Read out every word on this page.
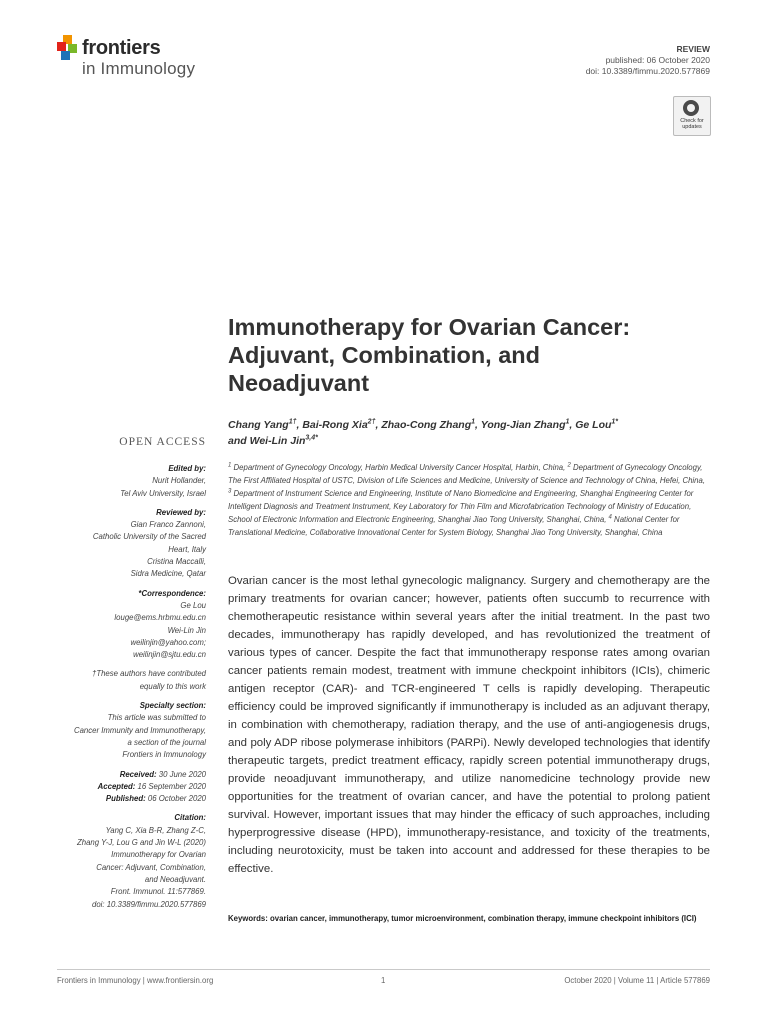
frontiers
in Immunology
REVIEW
published: 06 October 2020
doi: 10.3389/fimmu.2020.577869
Check for updates
Immunotherapy for Ovarian Cancer: Adjuvant, Combination, and Neoadjuvant
Chang Yang$^{1\dagger}$, Bai-Rong Xia$^{2\dagger}$, Zhao-Cong Zhang$^1$, Yong-Jian Zhang$^1$, Ge Lou$^{1*}$
and Wei-Lin Jin$^{3,4*}$
$^1$ Department of Gynecology Oncology, Harbin Medical University Cancer Hospital, Harbin, China, $^2$ Department of Gynecology Oncology, The First Affiliated Hospital of USTC, Division of Life Sciences and Medicine, University of Science and Technology of China, Hefei, China, $^3$ Department of Instrument Science and Engineering, Institute of Nano Biomedicine and Engineering, Shanghai Engineering Center for Intelligent Diagnosis and Treatment Instrument, Key Laboratory for Thin Film and Microfabrication Technology of Ministry of Education, School of Electronic Information and Electronic Engineering, Shanghai Jiao Tong University, Shanghai, China, $^4$ National Center for Translational Medicine, Collaborative Innovational Center for System Biology, Shanghai Jiao Tong University, Shanghai, China
OPEN ACCESS
Edited by:
Nurit Hollander,
Tel Aviv University, Israel
Reviewed by:
Gian Franco Zannoni,
Catholic University of the Sacred
Heart, Italy
Cristina Maccalli,
Sidra Medicine, Qatar
*Correspondence:
Ge Lou
louge@ems.hrbmu.edu.cn
Wei-Lin Jin
weilinjin@yahoo.com;
weilinjin@sjtu.edu.cn
†These authors have contributed
equally to this work
Specialty section:
This article was submitted to
Cancer Immunity and Immunotherapy,
a section of the journal
Frontiers in Immunology
Received: 30 June 2020
Accepted: 16 September 2020
Published: 06 October 2020
Citation:
Yang C, Xia B-R, Zhang Z-C,
Zhang Y-J, Lou G and Jin W-L (2020)
Immunotherapy for Ovarian
Cancer: Adjuvant, Combination,
and Neoadjuvant.
Front. Immunol. 11:577869.
doi: 10.3389/fimmu.2020.577869
Ovarian cancer is the most lethal gynecologic malignancy. Surgery and chemotherapy are the primary treatments for ovarian cancer; however, patients often succumb to recurrence with chemotherapeutic resistance within several years after the initial treatment. In the past two decades, immunotherapy has rapidly developed, and has revolutionized the treatment of various types of cancer. Despite the fact that immunotherapy response rates among ovarian cancer patients remain modest, treatment with immune checkpoint inhibitors (ICIs), chimeric antigen receptor (CAR)- and TCR-engineered T cells is rapidly developing. Therapeutic efficiency could be improved significantly if immunotherapy is included as an adjuvant therapy, in combination with chemotherapy, radiation therapy, and the use of anti-angiogenesis drugs, and poly ADP ribose polymerase inhibitors (PARPi). Newly developed technologies that identify therapeutic targets, predict treatment efficacy, rapidly screen potential immunotherapy drugs, provide neoadjuvant immunotherapy, and utilize nanomedicine technology provide new opportunities for the treatment of ovarian cancer, and have the potential to prolong patient survival. However, important issues that may hinder the efficacy of such approaches, including hyperprogressive disease (HPD), immunotherapy-resistance, and toxicity of the treatments, including neurotoxicity, must be taken into account and addressed for these therapies to be effective.
Keywords: ovarian cancer, immunotherapy, tumor microenvironment, combination therapy, immune checkpoint inhibitors (ICI)
Frontiers in Immunology | www.frontiersin.org	1	October 2020 | Volume 11 | Article 577869
